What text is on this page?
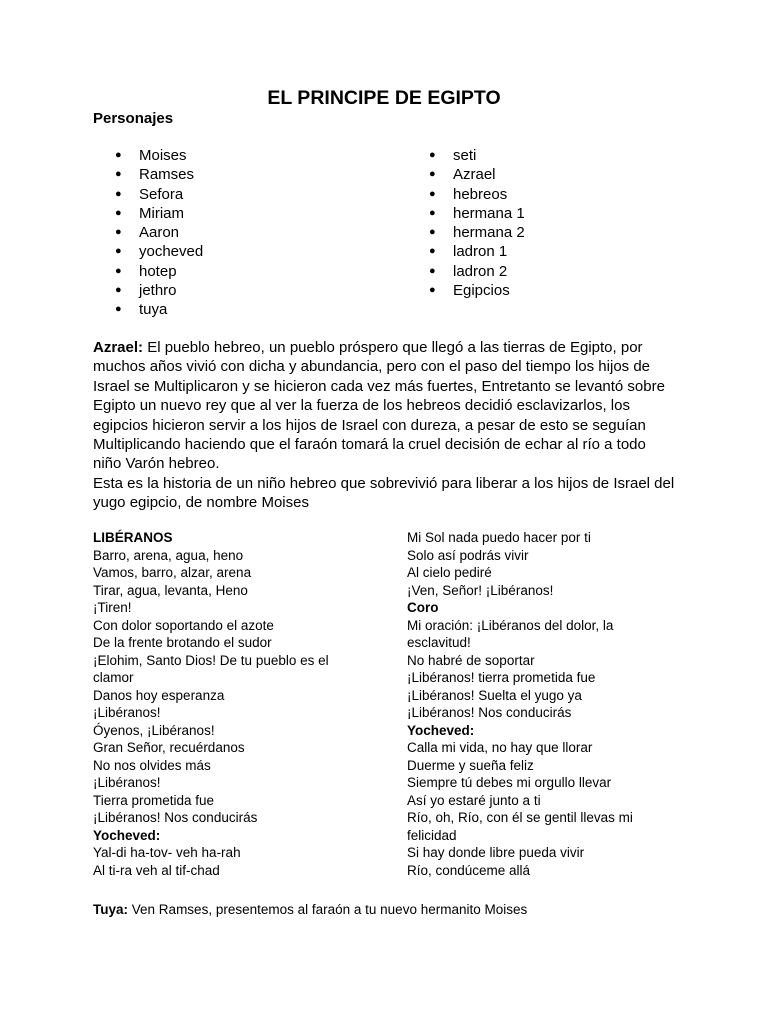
EL PRINCIPE DE EGIPTO
Personajes
● Moises
● Ramses
● Sefora
● Miriam
● Aaron
● yocheved
● hotep
● jethro
● tuya
● seti
● Azrael
● hebreos
● hermana 1
● hermana 2
● ladron 1
● ladron 2
● Egipcios
Azrael: El pueblo hebreo, un pueblo próspero que llegó a las tierras de Egipto, por muchos años vivió con dicha y abundancia, pero con el paso del tiempo los hijos de Israel se Multiplicaron y se hicieron cada vez más fuertes, Entretanto se levantó sobre Egipto un nuevo rey que al ver la fuerza de los hebreos decidió esclavizarlos, los egipcios hicieron servir a los hijos de Israel con dureza, a pesar de esto se seguían Multiplicando haciendo que el faraón tomará la cruel decisión de echar al río a todo niño Varón hebreo.
Esta es la historia de un niño hebreo que sobrevivió para liberar a los hijos de Israel del yugo egipcio, de nombre Moises
LIBÉRANOS
Barro, arena, agua, heno
Vamos, barro, alzar, arena
Tirar, agua, levanta, Heno
¡Tiren!
Con dolor soportando el azote
De la frente brotando el sudor
¡Elohim, Santo Dios! De tu pueblo es el
clamor
Danos hoy esperanza
¡Libéranos!
Óyenos, ¡Libéranos!
Gran Señor, recuérdanos
No nos olvides más
¡Libéranos!
Tierra prometida fue
¡Libéranos! Nos conducirás
Yocheved:
Yal-di ha-tov- veh ha-rah
Al ti-ra veh al tif-chad
Mi Sol nada puedo hacer por ti
Solo así podrás vivir
Al cielo pediré
¡Ven, Señor! ¡Libéranos!
Coro
Mi oración: ¡Libéranos del dolor, la
esclavitud!
No habré de soportar
¡Libéranos! tierra prometida fue
¡Libéranos! Suelta el yugo ya
¡Libéranos! Nos conducirás
Yocheved:
Calla mi vida, no hay que llorar
Duerme y sueña feliz
Siempre tú debes mi orgullo llevar
Así yo estaré junto a ti
Río, oh, Río, con él se gentil llevas mi
felicidad
Si hay donde libre pueda vivir
Río, condúceme allá

Tuya: Ven Ramses, presentemos al faraón a tu nuevo hermanito Moises
